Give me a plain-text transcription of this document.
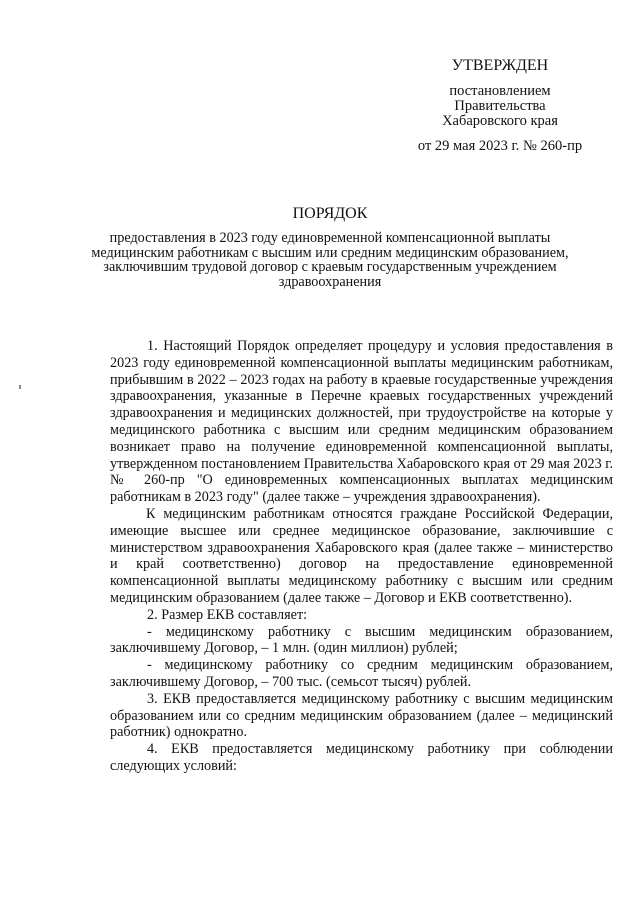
УТВЕРЖДЕН
постановлением
Правительства
Хабаровского края
от 29 мая 2023 г. № 260-пр
ПОРЯДОК
предоставления в 2023 году единовременной компенсационной выплаты медицинским работникам с высшим или средним медицинским образованием, заключившим трудовой договор с краевым государственным учреждением здравоохранения

1. Настоящий Порядок определяет процедуру и условия предоставления в 2023 году единовременной компенсационной выплаты медицинским работникам, прибывшим в 2022 – 2023 годах на работу в краевые государственные учреждения здравоохранения, указанные в Перечне краевых государственных учреждений здравоохранения и медицинских должностей, при трудоустройстве на которые у медицинского работника с высшим или средним медицинским образованием возникает право на получение единовременной компенсационной выплаты, утвержденном постановлением Правительства Хабаровского края от 29 мая 2023 г. № 260-пр "О единовременных компенсационных выплатах медицинским работникам в 2023 году" (далее также – учреждения здравоохранения).

К медицинским работникам относятся граждане Российской Федерации, имеющие высшее или среднее медицинское образование, заключившие с министерством здравоохранения Хабаровского края (далее также – министерство и край соответственно) договор на предоставление единовременной компенсационной выплаты медицинскому работнику с высшим или средним медицинским образованием (далее также – Договор и ЕКВ соответственно).

2. Размер ЕКВ составляет:

- медицинскому работнику с высшим медицинским образованием, заключившему Договор, – 1 млн. (один миллион) рублей;

- медицинскому работнику со средним медицинским образованием, заключившему Договор, – 700 тыс. (семьсот тысяч) рублей.

3. ЕКВ предоставляется медицинскому работнику с высшим медицинским образованием или со средним медицинским образованием (далее – медицинский работник) однократно.

4. ЕКВ предоставляется медицинскому работнику при соблюдении следующих условий:
